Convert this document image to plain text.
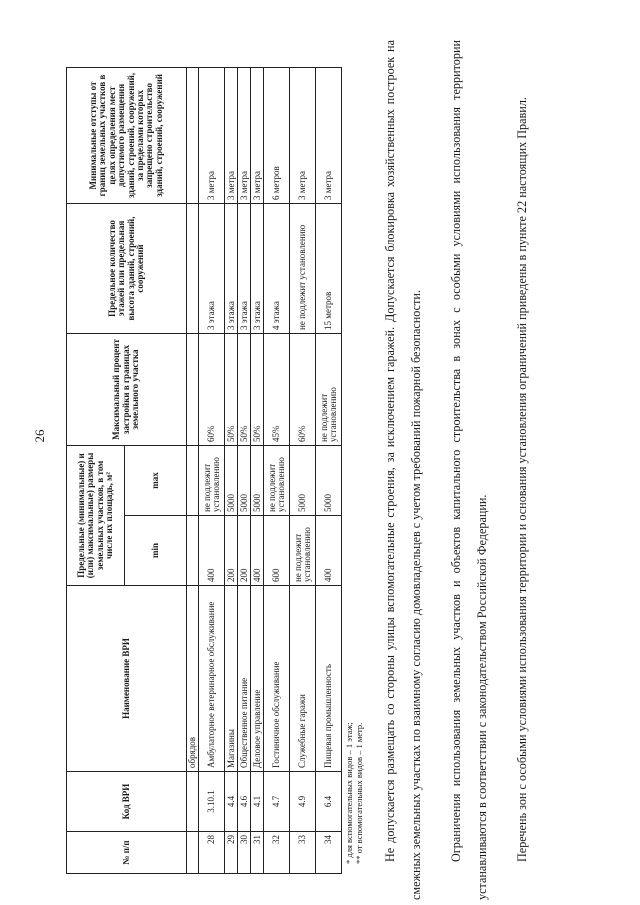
26
№ п/п	Код ВРИ	Наименование ВРИ	Предельные (минимальные) и (или) максимальные) размеры земельных участков, в том числе их площадь, м²		Максимальный процент застройки в границах земельного участка	Предельное количество этажей или предельная высота зданий, строений, сооружений	Минимальные отступы от границ земельных участков в целях определения мест допустимого размещения зданий, строений, сооружений, за пределами которых запрещено строительство зданий, строений, сооружений
			min	max			
		обрядов					
28	3.10.1	Амбулаторное ветеринарное обслуживание	400	не подлежит установлению	60%	3 этажа	3 метра
29	4.4	Магазины	200	5000	50%	3 этажа	3 метра
30	4.6	Общественное питание	200	5000	50%	3 этажа	3 метра
31	4.1	Деловое управление	400	5000	50%	3 этажа	3 метра
32	4.7	Гостиничное обслуживание	600	не подлежит установлению	45%	4 этажа	6 метров
33	4.9	Служебные гаражи	не подлежит установлению	5000	60%	не подлежит установлению	3 метра
34	6.4	Пищевая промышленность	400	5000	не подлежит установлению	15 метров	3 метра
* для вспомогательных видов – 1 этаж; ** от вспомогательных видов – 1 метр.	Не допускается размещать со стороны улицы вспомогательные строения, за исключением гаражей. Допускается блокировка хозяйственных построек на смежных земельных участках по взаимному согласию домовладельцев с учетом требований пожарной безопасности.	Ограничения использования земельных участков и объектов капитального строительства в зонах с особыми условиями использования территории устанавливаются в соответствии с законодательством Российской Федерации.	Перечень зон с особыми условиями использования территории и основания установления ограничений приведены в пункте 22 настоящих Правил.
